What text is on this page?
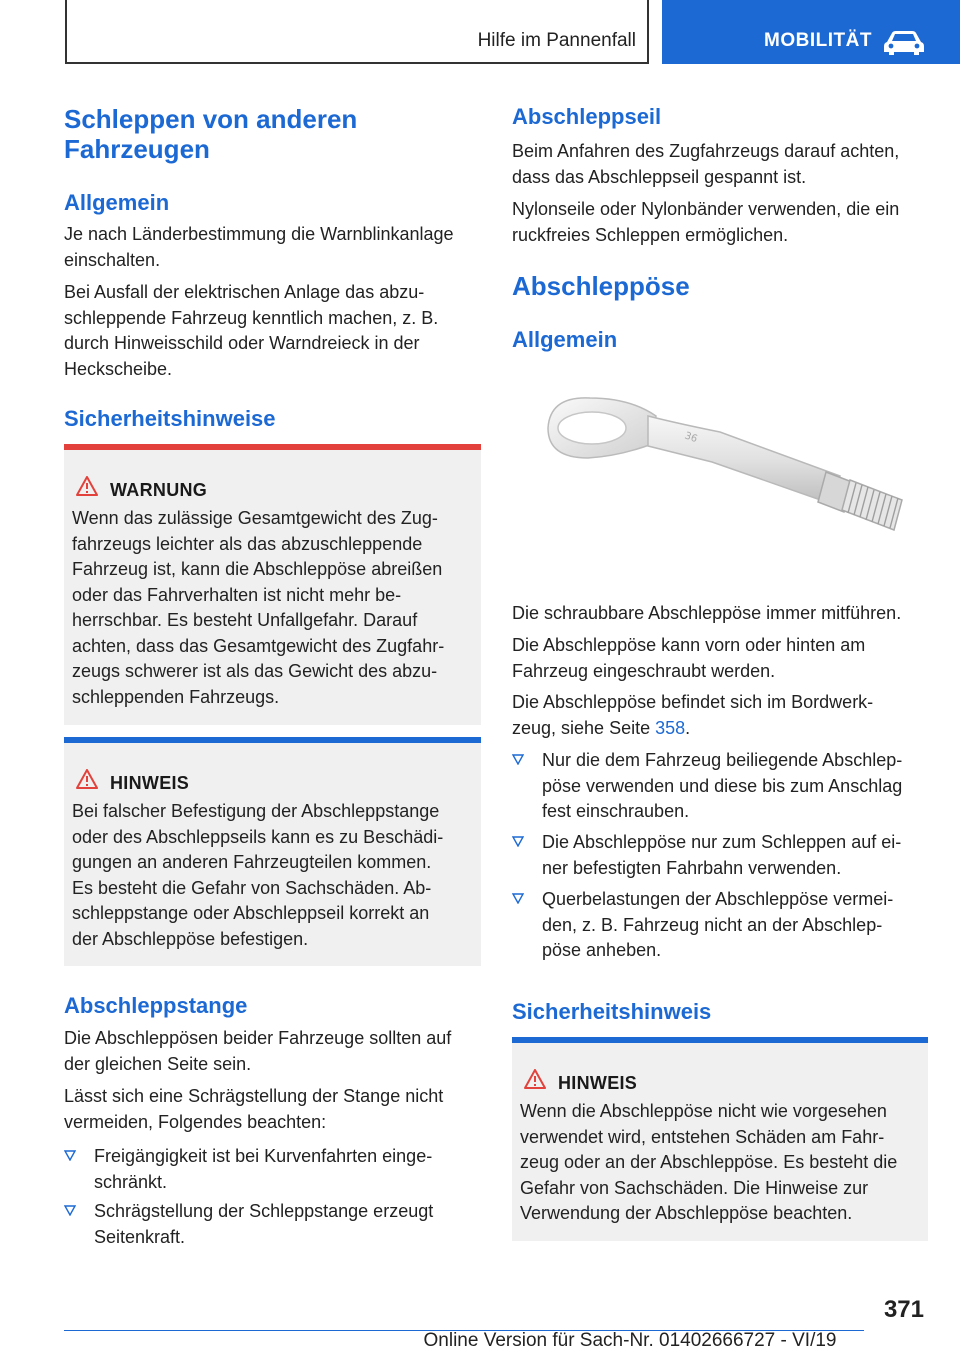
Hilfe im Pannenfall	MOBILITÄT
Schleppen von anderen
Fahrzeugen
Allgemein
Je nach Länderbestimmung die Warnblinkanlage
einschalten.
Bei Ausfall der elektrischen Anlage das abzu-
schleppende Fahrzeug kenntlich machen, z. B.
durch Hinweisschild oder Warndreieck in der
Heckscheibe.
Sicherheitshinweise
WARNUNG
Wenn das zulässige Gesamtgewicht des Zug-
fahrzeugs leichter als das abzuschleppende
Fahrzeug ist, kann die Abschleppöse abreißen
oder das Fahrverhalten ist nicht mehr be-
herrschbar. Es besteht Unfallgefahr. Darauf
achten, dass das Gesamtgewicht des Zugfahr-
zeugs schwerer ist als das Gewicht des abzu-
schleppenden Fahrzeugs.
HINWEIS
Bei falscher Befestigung der Abschleppstange
oder des Abschleppseils kann es zu Beschädi-
gungen an anderen Fahrzeugteilen kommen.
Es besteht die Gefahr von Sachschäden. Ab-
schleppstange oder Abschleppseil korrekt an
der Abschleppöse befestigen.
Abschleppstange
Die Abschleppösen beider Fahrzeuge sollten auf
der gleichen Seite sein.
Lässt sich eine Schrägstellung der Stange nicht
vermeiden, Folgendes beachten:
Freigängigkeit ist bei Kurvenfahrten einge-
schränkt.
Schrägstellung der Schleppstange erzeugt
Seitenkraft.
Abschleppseil
Beim Anfahren des Zugfahrzeugs darauf achten,
dass das Abschleppseil gespannt ist.
Nylonseile oder Nylonbänder verwenden, die ein
ruckfreies Schleppen ermöglichen.
Abschleppöse
Allgemein
36
Die schraubbare Abschleppöse immer mitführen.
Die Abschleppöse kann vorn oder hinten am
Fahrzeug eingeschraubt werden.
Die Abschleppöse befindet sich im Bordwerk-
zeug, siehe Seite 358.
Nur die dem Fahrzeug beiliegende Abschlep-
pöse verwenden und diese bis zum Anschlag
fest einschrauben.
Die Abschleppöse nur zum Schleppen auf ei-
ner befestigten Fahrbahn verwenden.
Querbelastungen der Abschleppöse vermei-
den, z. B. Fahrzeug nicht an der Abschlep-
pöse anheben.
Sicherheitshinweis
HINWEIS
Wenn die Abschleppöse nicht wie vorgesehen
verwendet wird, entstehen Schäden am Fahr-
zeug oder an der Abschleppöse. Es besteht die
Gefahr von Sachschäden. Die Hinweise zur
Verwendung der Abschleppöse beachten.
371
Online Version für Sach-Nr. 01402666727 - VI/19
